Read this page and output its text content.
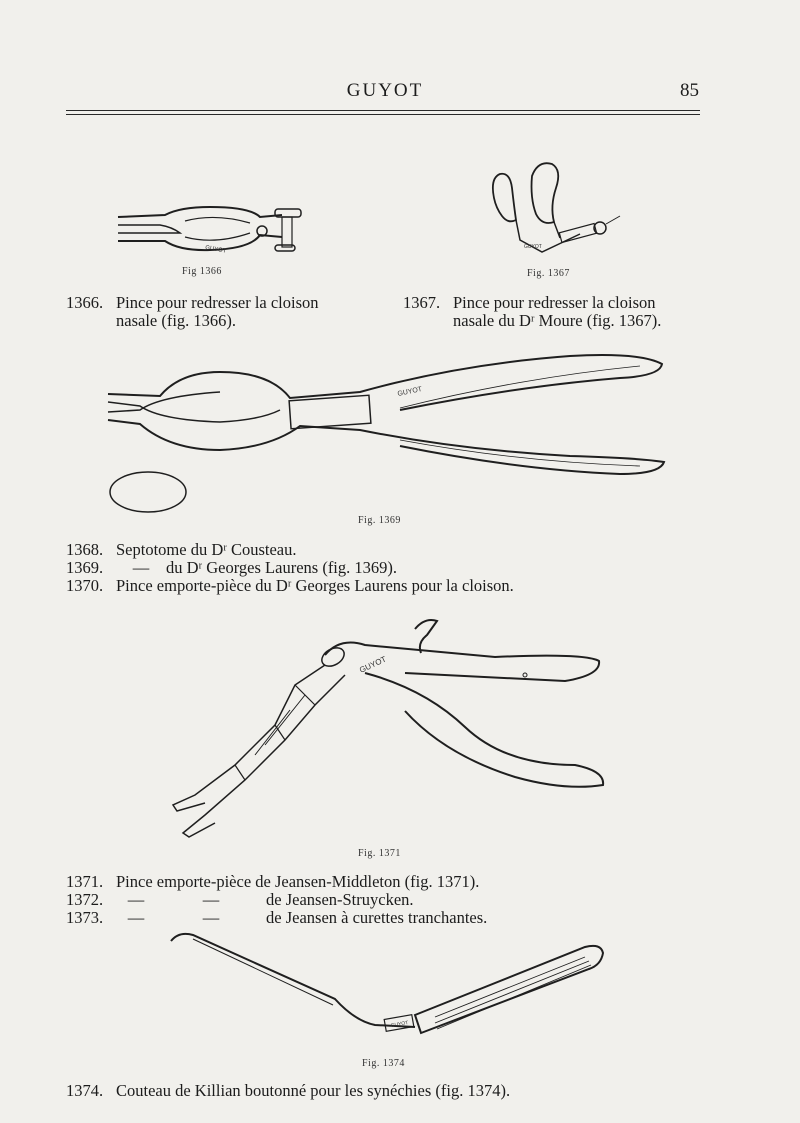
GUYOT	85
GUYOT
Fig 1366
GUYOT
Fig. 1367
1366. Pince pour redresser la cloison
nasale (fig. 1366).
1367. Pince pour redresser la cloison
nasale du Dʳ Moure (fig. 1367).
GUYOT
Fig. 1369
1368. Septotome du Dʳ Cousteau.
1369. — du Dʳ Georges Laurens (fig. 1369).
1370. Pince emporte-pièce du Dʳ Georges Laurens pour la cloison.
GUYOT
Fig. 1371
1371. Pince emporte-pièce de Jeansen-Middleton (fig. 1371).
1372. —	—	de Jeansen-Struycken.
1373. —	—	de Jeansen à curettes tranchantes.
GUYOT
Fig. 1374
1374. Couteau de Killian boutonné pour les synéchies (fig. 1374).
